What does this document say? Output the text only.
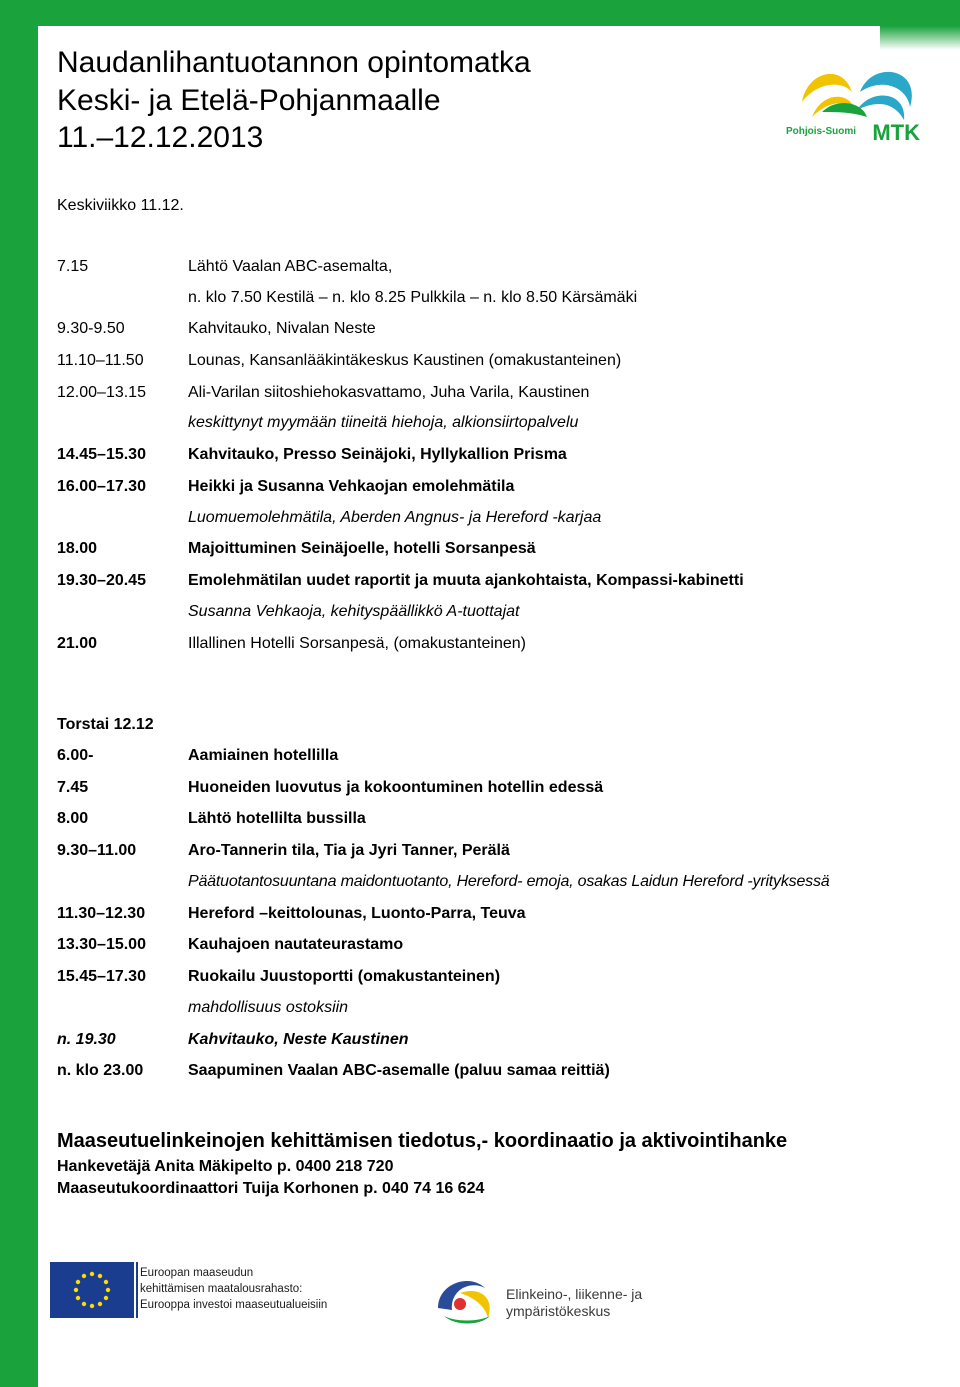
Naudanlihantuotannon opintomatka
Keski- ja Etelä-Pohjanmaalle
11.–12.12.2013	Pohjois-Suomi MTK
Keskiviikko 11.12.
7.15	Lähtö Vaalan ABC-asemalta,
n. klo 7.50 Kestilä – n. klo 8.25 Pulkkila – n. klo 8.50 Kärsämäki
9.30-9.50	Kahvitauko, Nivalan Neste
11.10–11.50	Lounas, Kansanlääkintäkeskus Kaustinen (omakustanteinen)
12.00–13.15	Ali-Varilan siitoshiehokasvattamo, Juha Varila, Kaustinen
keskittynyt myymään tiineitä hiehoja, alkionsiirtopalvelu
14.45–15.30	Kahvitauko, Presso Seinäjoki, Hyllykallion Prisma
16.00–17.30	Heikki ja Susanna Vehkaojan emolehmätila
Luomuemolehmätila, Aberden Angnus- ja Hereford -karjaa
18.00	Majoittuminen Seinäjoelle, hotelli Sorsanpesä
19.30–20.45	Emolehmätilan uudet raportit ja muuta ajankohtaista, Kompassi-kabinetti
Susanna Vehkaoja, kehityspäällikkö A-tuottajat
21.00	Illallinen Hotelli Sorsanpesä, (omakustanteinen)
Torstai 12.12
6.00-	Aamiainen hotellilla
7.45	Huoneiden luovutus ja kokoontuminen hotellin edessä
8.00	Lähtö hotellilta bussilla
9.30–11.00	Aro-Tannerin tila, Tia ja Jyri Tanner, Perälä
Päätuotantosuuntana maidontuotanto, Hereford- emoja, osakas Laidun Hereford -yrityksessä
11.30–12.30	Hereford –keittolounas, Luonto-Parra, Teuva
13.30–15.00	Kauhajoen nautateurastamo
15.45–17.30	Ruokailu Juustoportti (omakustanteinen)
mahdollisuus ostoksiin
n. 19.30	Kahvitauko, Neste Kaustinen
n. klo 23.00	Saapuminen Vaalan ABC-asemalle (paluu samaa reittiä)
Maaseutuelinkeinojen kehittämisen tiedotus,- koordinaatio ja aktivointihanke
Hankevetäjä Anita Mäkipelto p. 0400 218 720
Maaseutukoordinaattori Tuija Korhonen p. 040 74 16 624
Euroopan maaseudun
kehittämisen maatalousrahasto:
Eurooppa investoi maaseutualueisiin
Elinkeino-, liikenne- ja
ympäristökeskus
